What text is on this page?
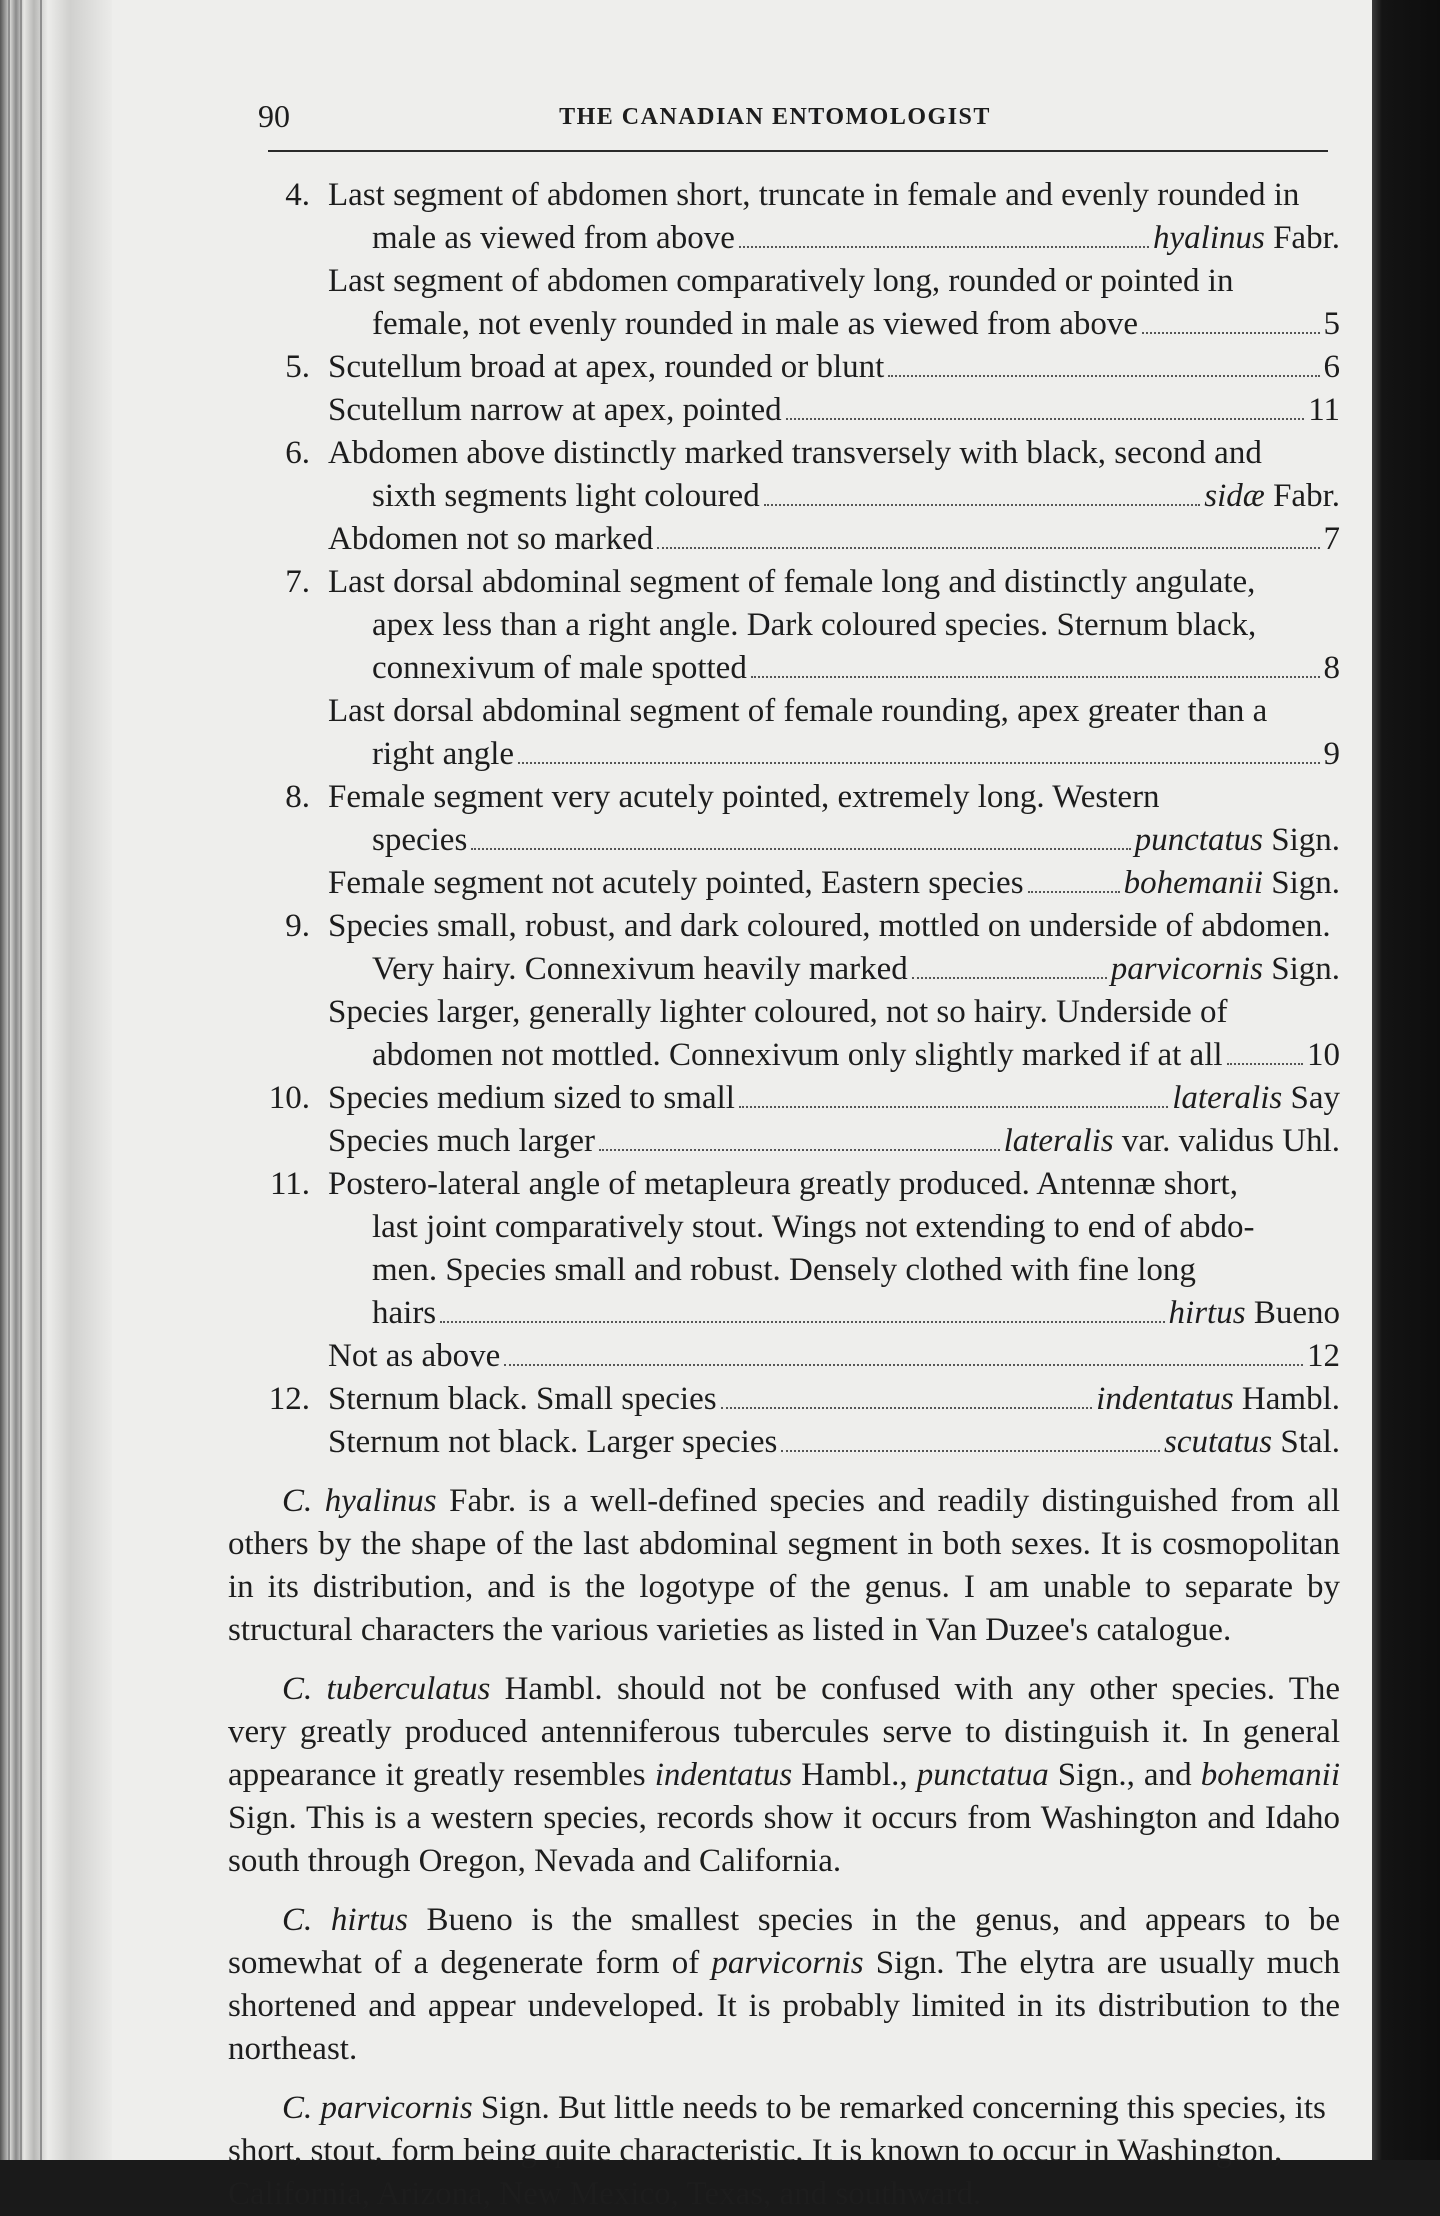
90	THE CANADIAN ENTOMOLOGIST
4. Last segment of abdomen short, truncate in female and evenly rounded in
male as viewed from above	hyalinus Fabr.
Last segment of abdomen comparatively long, rounded or pointed in
female, not evenly rounded in male as viewed from above	5
5. Scutellum broad at apex, rounded or blunt	6
Scutellum narrow at apex, pointed	11
6. Abdomen above distinctly marked transversely with black, second and
sixth segments light coloured	sidæ Fabr.
Abdomen not so marked	7
7. Last dorsal abdominal segment of female long and distinctly angulate,
apex less than a right angle. Dark coloured species. Sternum black,
connexivum of male spotted	8
Last dorsal abdominal segment of female rounding, apex greater than a
right angle	9
8. Female segment very acutely pointed, extremely long. Western
species	punctatus Sign.
Female segment not acutely pointed, Eastern species	bohemanii Sign.
9. Species small, robust, and dark coloured, mottled on underside of abdomen.
Very hairy. Connexivum heavily marked	parvicornis Sign.
Species larger, generally lighter coloured, not so hairy. Underside of
abdomen not mottled. Connexivum only slightly marked if at all	10
10. Species medium sized to small	lateralis Say
Species much larger	lateralis var. validus Uhl.
11. Postero-lateral angle of metapleura greatly produced. Antennæ short,
last joint comparatively stout. Wings not extending to end of abdo-
men. Species small and robust. Densely clothed with fine long
hairs	hirtus Bueno
Not as above	12
12. Sternum black. Small species	indentatus Hambl.
Sternum not black. Larger species	scutatus Stal.

C. hyalinus Fabr. is a well-defined species and readily distinguished from all others by the shape of the last abdominal segment in both sexes. It is cosmopolitan in its distribution, and is the logotype of the genus. I am unable to separate by structural characters the various varieties as listed in Van Duzee's catalogue.

C. tuberculatus Hambl. should not be confused with any other species. The very greatly produced antenniferous tubercules serve to distinguish it. In general appearance it greatly resembles indentatus Hambl., punctatua Sign., and bohemanii Sign. This is a western species, records show it occurs from Washington and Idaho south through Oregon, Nevada and California.

C. hirtus Bueno is the smallest species in the genus, and appears to be somewhat of a degenerate form of parvicornis Sign. The elytra are usually much shortened and appear undeveloped. It is probably limited in its distribution to the northeast.

C. parvicornis Sign. But little needs to be remarked concerning this species, its short, stout, form being quite characteristic. It is known to occur in Washington, California, Arizona, New Mexico, Texas, and southward.
